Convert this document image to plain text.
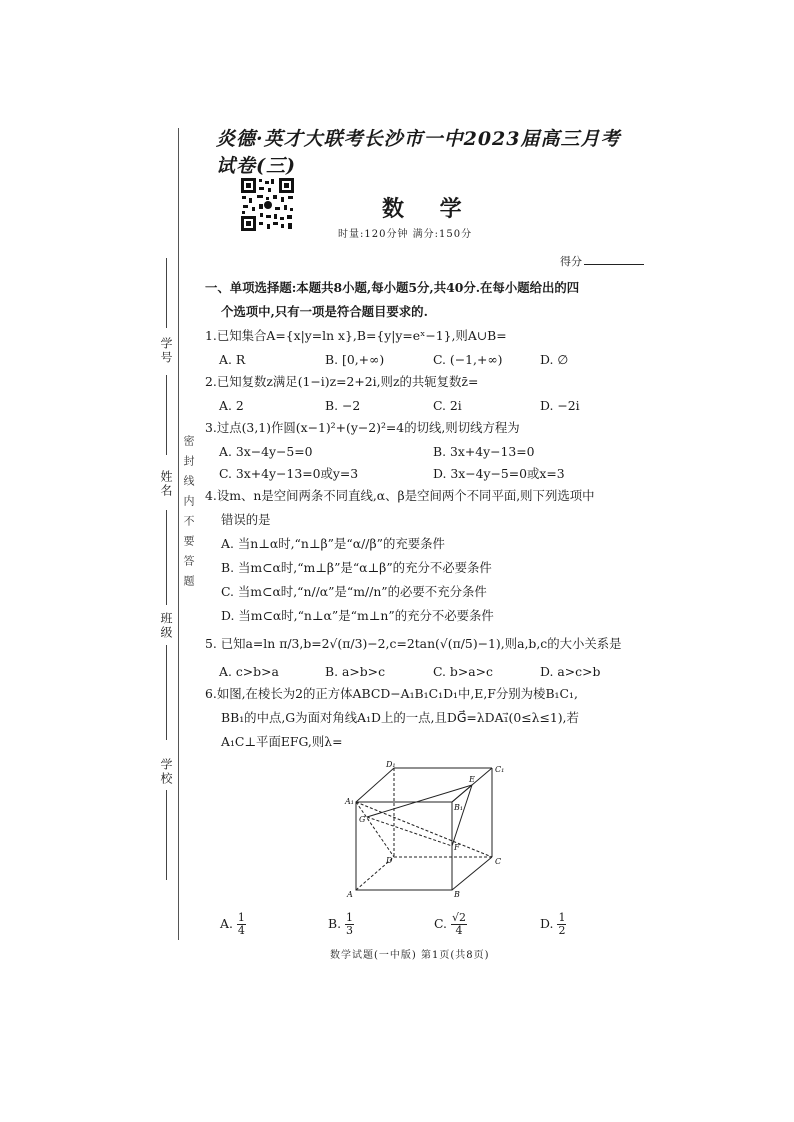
学号
姓名
班级
学校
密封线内不要答题
炎德·英才大联考长沙市一中2023届高三月考试卷(三)
数 学
时量:120分钟 满分:150分
得分
一、单项选择题:本题共8小题,每小题5分,共40分.在每小题给出的四
个选项中,只有一项是符合题目要求的.
1.已知集合A={x|y=ln x},B={y|y=eˣ−1},则A∪B=
A. R	B. [0,+∞)	C. (−1,+∞)	D. ∅
2.已知复数z满足(1−i)z=2+2i,则z的共轭复数z̄=
A. 2	B. −2	C. 2i	D. −2i
3.过点(3,1)作圆(x−1)²+(y−2)²=4的切线,则切线方程为
A. 3x−4y−5=0	B. 3x+4y−13=0
C. 3x+4y−13=0或y=3	D. 3x−4y−5=0或x=3
4.设m、n是空间两条不同直线,α、β是空间两个不同平面,则下列选项中
错误的是
A. 当n⊥α时,“n⊥β”是“α//β”的充要条件
B. 当m⊂α时,“m⊥β”是“α⊥β”的充分不必要条件
C. 当m⊂α时,“n//α”是“m//n”的必要不充分条件
D. 当m⊂α时,“n⊥α”是“m⊥n”的充分不必要条件
5. 已知a=ln π/3,b=2√(π/3)−2,c=2tan(√(π/5)−1),则a,b,c的大小关系是
A. c>b>a	B. a>b>c	C. b>a>c	D. a>c>b
6.如图,在棱长为2的正方体ABCD−A₁B₁C₁D₁中,E,F分别为棱B₁C₁,
BB₁的中点,G为面对角线A₁D上的一点,且DG⃗=λDA₁⃗(0≤λ≤1),若
A₁C⊥平面EFG,则λ=
D₁
C₁
A₁
B₁
E
F
G
D	C
A	B
A. $\frac{1}{4}$	B. $\frac{1}{3}$	C. $\frac{√2}{4}$	D. $\frac{1}{2}$
数学试题(一中版) 第1页(共8页)
